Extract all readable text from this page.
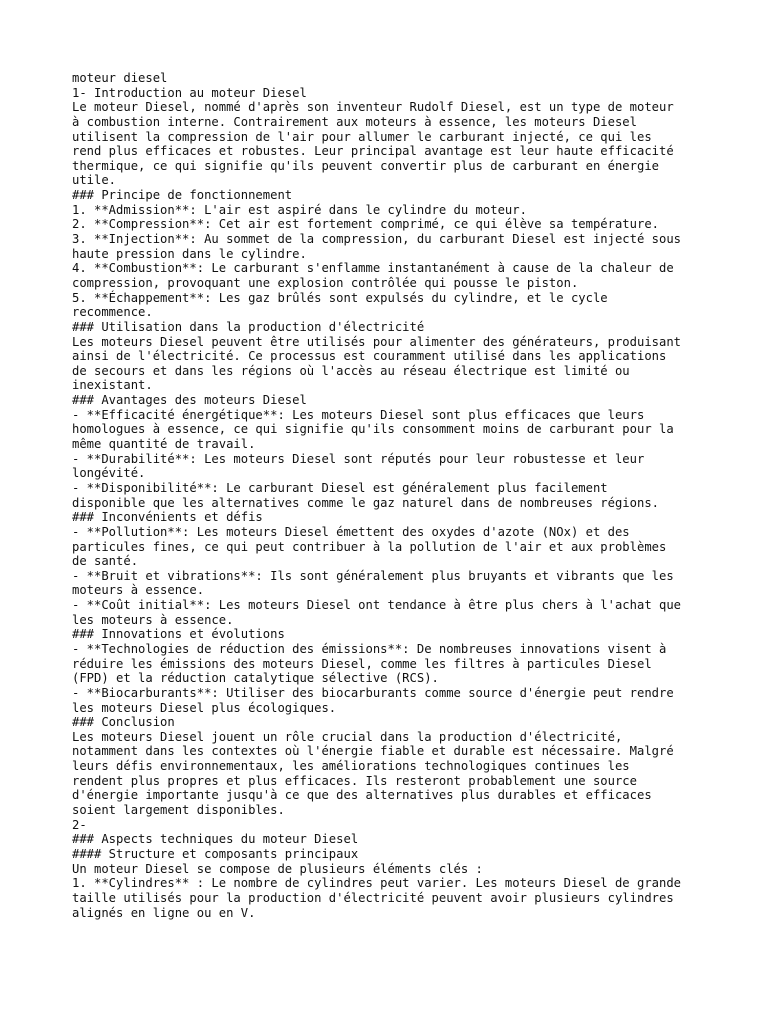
moteur diesel
1- Introduction au moteur Diesel
Le moteur Diesel, nommé d'après son inventeur Rudolf Diesel, est un type de moteur
à combustion interne. Contrairement aux moteurs à essence, les moteurs Diesel
utilisent la compression de l'air pour allumer le carburant injecté, ce qui les
rend plus efficaces et robustes. Leur principal avantage est leur haute efficacité
thermique, ce qui signifie qu'ils peuvent convertir plus de carburant en énergie
utile.
### Principe de fonctionnement
1. **Admission**: L'air est aspiré dans le cylindre du moteur.
2. **Compression**: Cet air est fortement comprimé, ce qui élève sa température.
3. **Injection**: Au sommet de la compression, du carburant Diesel est injecté sous
haute pression dans le cylindre.
4. **Combustion**: Le carburant s'enflamme instantanément à cause de la chaleur de
compression, provoquant une explosion contrôlée qui pousse le piston.
5. **Échappement**: Les gaz brûlés sont expulsés du cylindre, et le cycle
recommence.
### Utilisation dans la production d'électricité
Les moteurs Diesel peuvent être utilisés pour alimenter des générateurs, produisant
ainsi de l'électricité. Ce processus est couramment utilisé dans les applications
de secours et dans les régions où l'accès au réseau électrique est limité ou
inexistant.
### Avantages des moteurs Diesel
- **Efficacité énergétique**: Les moteurs Diesel sont plus efficaces que leurs
homologues à essence, ce qui signifie qu'ils consomment moins de carburant pour la
même quantité de travail.
- **Durabilité**: Les moteurs Diesel sont réputés pour leur robustesse et leur
longévité.
- **Disponibilité**: Le carburant Diesel est généralement plus facilement
disponible que les alternatives comme le gaz naturel dans de nombreuses régions.
### Inconvénients et défis
- **Pollution**: Les moteurs Diesel émettent des oxydes d'azote (NOx) et des
particules fines, ce qui peut contribuer à la pollution de l'air et aux problèmes
de santé.
- **Bruit et vibrations**: Ils sont généralement plus bruyants et vibrants que les
moteurs à essence.
- **Coût initial**: Les moteurs Diesel ont tendance à être plus chers à l'achat que
les moteurs à essence.
### Innovations et évolutions
- **Technologies de réduction des émissions**: De nombreuses innovations visent à
réduire les émissions des moteurs Diesel, comme les filtres à particules Diesel
(FPD) et la réduction catalytique sélective (RCS).
- **Biocarburants**: Utiliser des biocarburants comme source d'énergie peut rendre
les moteurs Diesel plus écologiques.
### Conclusion
Les moteurs Diesel jouent un rôle crucial dans la production d'électricité,
notamment dans les contextes où l'énergie fiable et durable est nécessaire. Malgré
leurs défis environnementaux, les améliorations technologiques continues les
rendent plus propres et plus efficaces. Ils resteront probablement une source
d'énergie importante jusqu'à ce que des alternatives plus durables et efficaces
soient largement disponibles.
2-
### Aspects techniques du moteur Diesel
#### Structure et composants principaux
Un moteur Diesel se compose de plusieurs éléments clés :
1. **Cylindres** : Le nombre de cylindres peut varier. Les moteurs Diesel de grande
taille utilisés pour la production d'électricité peuvent avoir plusieurs cylindres
alignés en ligne ou en V.
